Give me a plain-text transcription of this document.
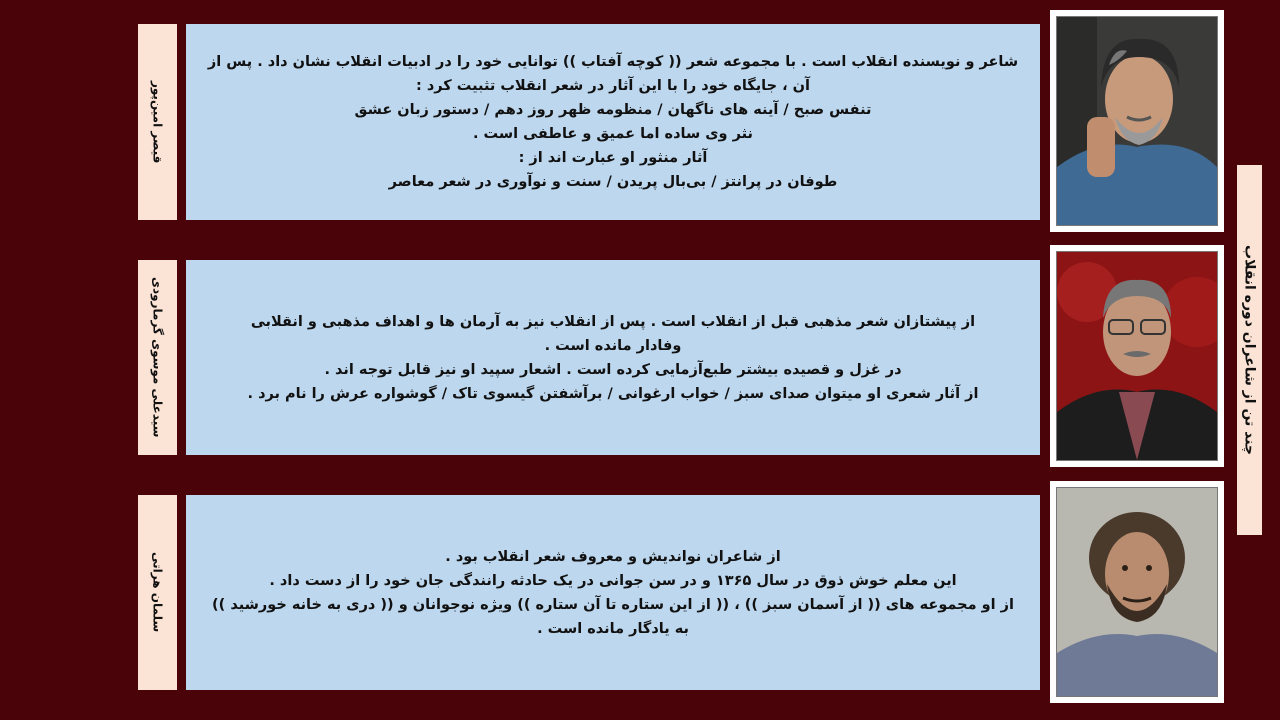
چند تن از شاعران دوره انقلاب
قیصر امین‌پور
شاعر و نویسنده انقلاب است . با مجموعه شعر (( کوچه آفتاب )) توانایی خود را در ادبیات انقلاب نشان داد . پس از
آن ، جایگاه خود را با این آثار در شعر انقلاب تثبیت کرد :
تنفس صبح / آینه های ناگهان / منظومه ظهر روز دهم / دستور زبان عشق
نثر وی ساده اما عمیق و عاطفی است .
آثار منثور او عبارت اند از :
طوفان در پرانتز / بی‌بال پریدن / سنت و نوآوری در شعر معاصر
سیدعلی موسوی گرمارودی	از پیشتازان شعر مذهبی قبل از انقلاب است . پس از انقلاب نیز به آرمان ها و اهداف مذهبی و انقلابی
وفادار مانده است .
در غزل و قصیده بیشتر طبع‌آزمایی کرده است . اشعار سپید او نیز قابل توجه اند .
از آثار شعری او میتوان صدای سبز / خواب ارغوانی / برآشفتن گیسوی تاک / گوشواره عرش را نام برد .
سلمان هراتی	از شاعران نواندیش و معروف شعر انقلاب بود .
این معلم خوش ذوق در سال ۱۳۶۵ و در سن جوانی در یک حادثه رانندگی جان خود را از دست داد .
از او مجموعه های (( از آسمان سبز )) ، (( از این ستاره تا آن ستاره )) ویژه نوجوانان و (( دری به خانه خورشید ))
به یادگار مانده است .
